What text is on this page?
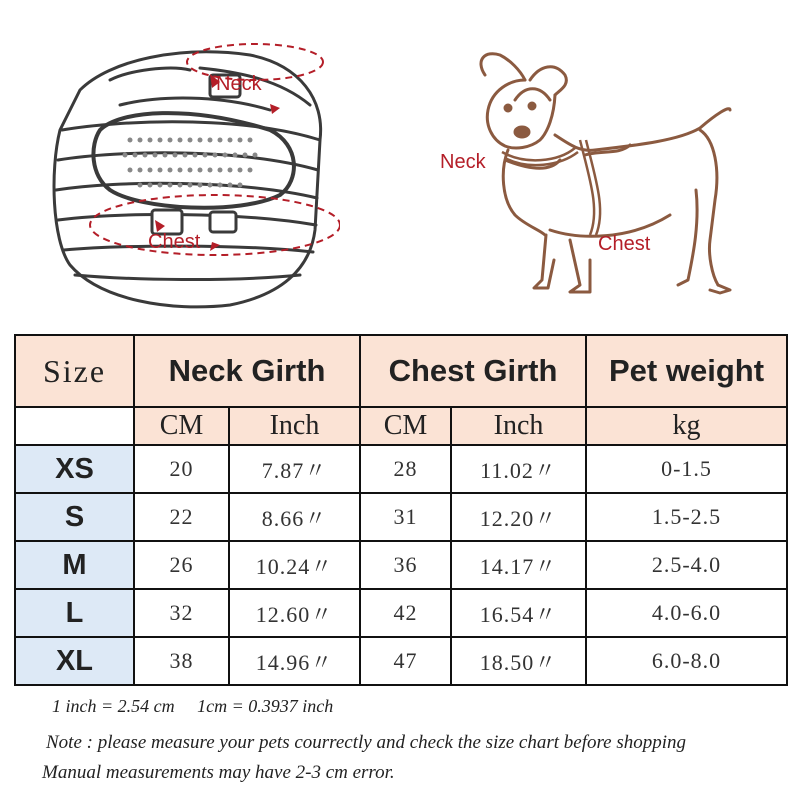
Neck
Chest
Neck
Chest
Size	Neck Girth		Chest Girth		Pet weight
	CM	Inch	CM	Inch	kg
XS	20	7.87〃	28	11.02〃	0-1.5
S	22	8.66〃	31	12.20〃	1.5-2.5
M	26	10.24〃	36	14.17〃	2.5-4.0
L	32	12.60〃	42	16.54〃	4.0-6.0
XL	38	14.96〃	47	18.50〃	6.0-8.0
1 inch = 2.54 cm     1cm = 0.3937 inch
Note : please measure your pets courrectly and check the size chart before shopping
Manual measurements may have 2-3 cm error.
